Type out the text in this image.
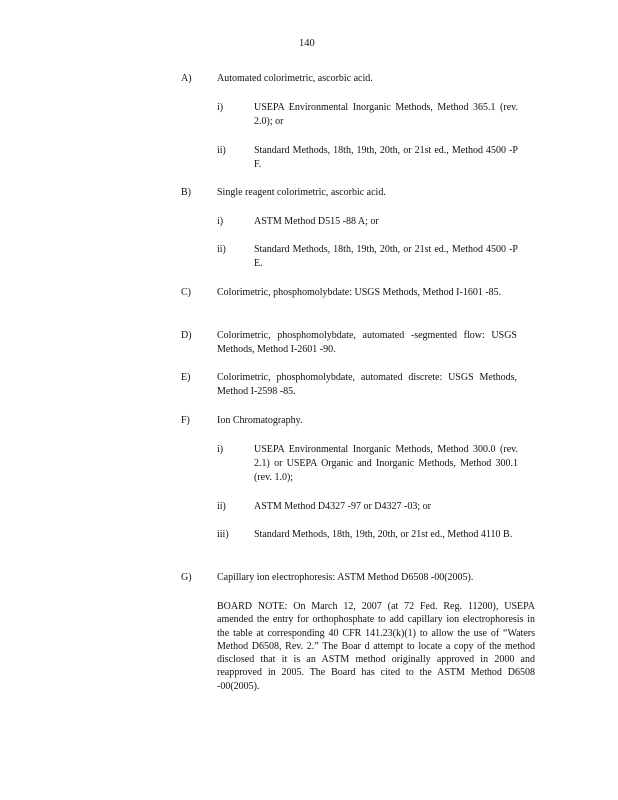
140
A)	Automated colorimetric, ascorbic acid.
i)	USEPA Environmental Inorganic Methods, Method 365.1 (rev. 2.0); or
ii)	Standard Methods, 18th, 19th, 20th, or 21st ed., Method 4500 -P F.
B)	Single reagent colorimetric, ascorbic acid.
i)	ASTM Method D515 -88 A; or
ii)	Standard Methods, 18th, 19th, 20th, or 21st ed., Method 4500 -P E.
C)	Colorimetric, phosphomolybdate: USGS Methods, Method I-1601 -85.
D)	Colorimetric, phosphomolybdate, automated -segmented flow: USGS Methods, Method I-2601 -90.
E)	Colorimetric, phosphomolybdate, automated discrete: USGS Methods, Method I-2598 -85.
F)	Ion Chromatography.
i)	USEPA Environmental Inorganic Methods, Method 300.0 (rev. 2.1) or USEPA Organic and Inorganic Methods, Method 300.1 (rev. 1.0);
ii)	ASTM Method D4327 -97 or D4327 -03; or
iii)	Standard Methods, 18th, 19th, 20th, or 21st ed., Method 4110 B.
G)	Capillary ion electrophoresis: ASTM Method D6508 -00(2005).
BOARD NOTE: On March 12, 2007 (at 72 Fed. Reg. 11200), USEPA amended the entry for orthophosphate to add capillary ion electrophoresis in the table at corresponding 40 CFR 141.23(k)(1) to allow the use of “Waters Method D6508, Rev. 2.” The Boar d attempt to locate a copy of the method disclosed that it is an ASTM method originally approved in 2000 and reapproved in 2005. The Board has cited to the ASTM Method D6508 -00(2005).
